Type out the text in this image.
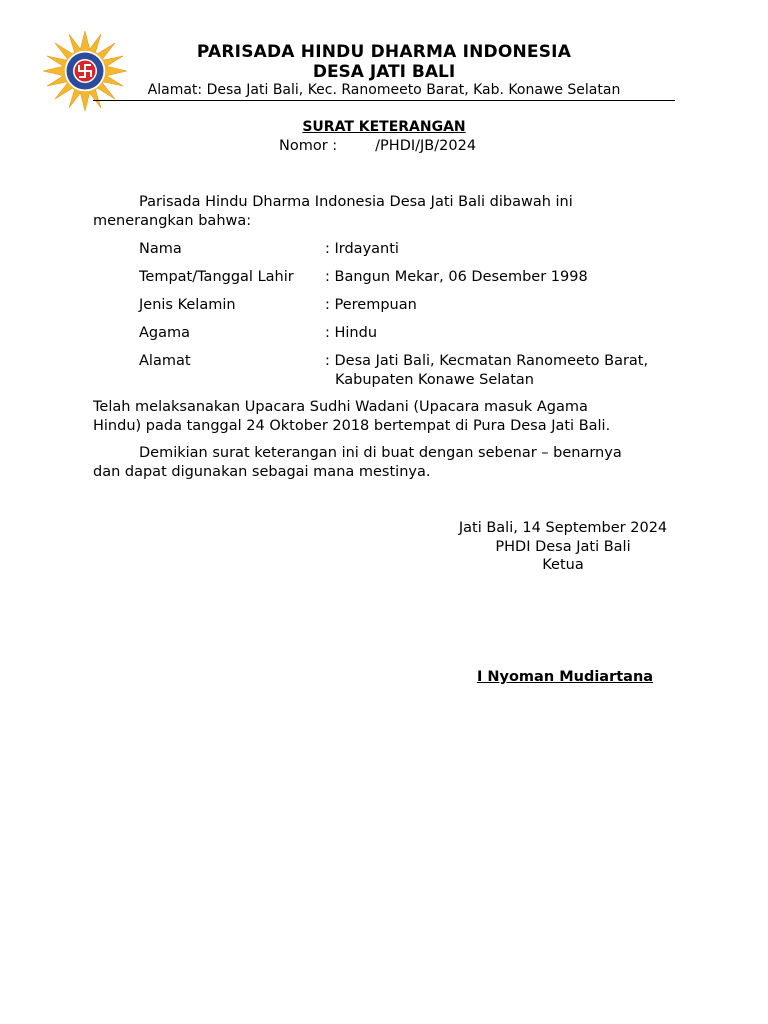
PARISADA HINDU DHARMA INDONESIA
DESA JATI BALI
Alamat: Desa Jati Bali, Kec. Ranomeeto Barat, Kab. Konawe Selatan
SURAT KETERANGAN
Nomor :	/PHDI/JB/2024
Parisada Hindu Dharma Indonesia Desa Jati Bali dibawah ini
menerangkan bahwa:
Nama	: Irdayanti
Tempat/Tanggal Lahir	: Bangun Mekar, 06 Desember 1998
Jenis Kelamin	: Perempuan
Agama	: Hindu
Alamat	: Desa Jati Bali, Kecmatan Ranomeeto Barat,
Kabupaten Konawe Selatan
Telah melaksanakan Upacara Sudhi Wadani (Upacara masuk Agama
Hindu) pada tanggal 24 Oktober 2018 bertempat di Pura Desa Jati Bali.
Demikian surat keterangan ini di buat dengan sebenar – benarnya
dan dapat digunakan sebagai mana mestinya.
Jati Bali, 14 September 2024
PHDI Desa Jati Bali
Ketua
I Nyoman Mudiartana
